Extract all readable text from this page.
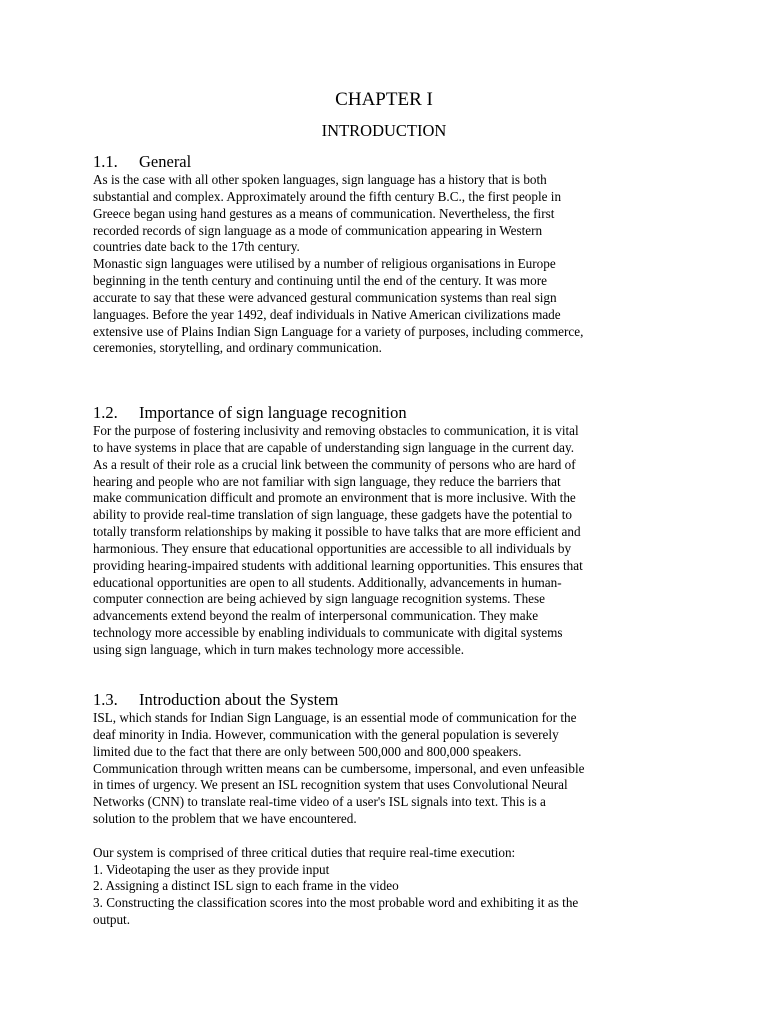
CHAPTER I
INTRODUCTION
1.1. General
As is the case with all other spoken languages, sign language has a history that is both
substantial and complex. Approximately around the fifth century B.C., the first people in
Greece began using hand gestures as a means of communication. Nevertheless, the first
recorded records of sign language as a mode of communication appearing in Western
countries date back to the 17th century.
Monastic sign languages were utilised by a number of religious organisations in Europe
beginning in the tenth century and continuing until the end of the century. It was more
accurate to say that these were advanced gestural communication systems than real sign
languages. Before the year 1492, deaf individuals in Native American civilizations made
extensive use of Plains Indian Sign Language for a variety of purposes, including commerce,
ceremonies, storytelling, and ordinary communication.
1.2. Importance of sign language recognition
For the purpose of fostering inclusivity and removing obstacles to communication, it is vital
to have systems in place that are capable of understanding sign language in the current day.
As a result of their role as a crucial link between the community of persons who are hard of
hearing and people who are not familiar with sign language, they reduce the barriers that
make communication difficult and promote an environment that is more inclusive. With the
ability to provide real-time translation of sign language, these gadgets have the potential to
totally transform relationships by making it possible to have talks that are more efficient and
harmonious. They ensure that educational opportunities are accessible to all individuals by
providing hearing-impaired students with additional learning opportunities. This ensures that
educational opportunities are open to all students. Additionally, advancements in human-
computer connection are being achieved by sign language recognition systems. These
advancements extend beyond the realm of interpersonal communication. They make
technology more accessible by enabling individuals to communicate with digital systems
using sign language, which in turn makes technology more accessible.
1.3. Introduction about the System
ISL, which stands for Indian Sign Language, is an essential mode of communication for the
deaf minority in India. However, communication with the general population is severely
limited due to the fact that there are only between 500,000 and 800,000 speakers.
Communication through written means can be cumbersome, impersonal, and even unfeasible
in times of urgency. We present an ISL recognition system that uses Convolutional Neural
Networks (CNN) to translate real-time video of a user's ISL signals into text. This is a
solution to the problem that we have encountered.
Our system is comprised of three critical duties that require real-time execution:
1. Videotaping the user as they provide input
2. Assigning a distinct ISL sign to each frame in the video
3. Constructing the classification scores into the most probable word and exhibiting it as the
output.
